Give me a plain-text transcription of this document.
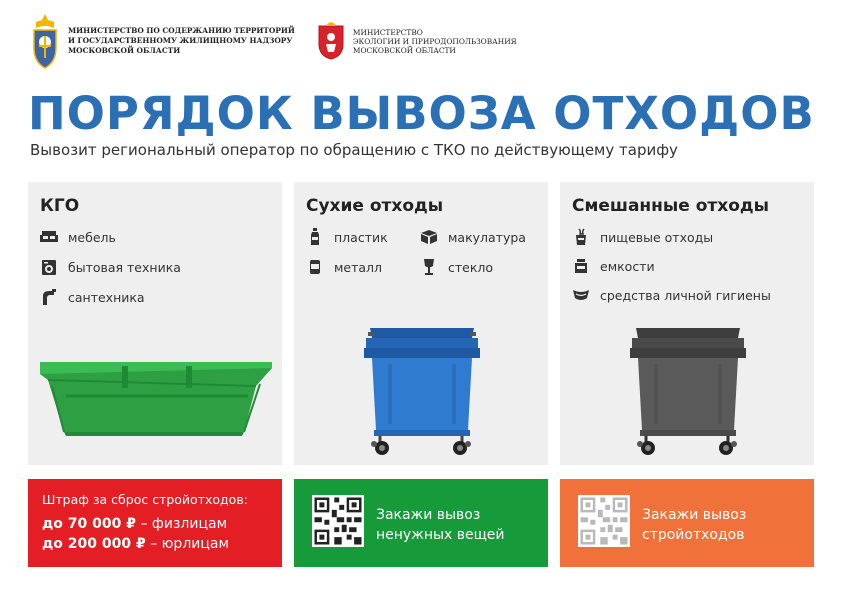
МИНИСТЕРСТВО ПО СОДЕРЖАНИЮ ТЕРРИТОРИЙ
И ГОСУДАРСТВЕННОМУ ЖИЛИЩНОМУ НАДЗОРУ
МОСКОВСКОЙ ОБЛАСТИ
МИНИСТЕРСТВО
ЭКОЛОГИИ И ПРИРОДОПОЛЬЗОВАНИЯ
МОСКОВСКОЙ ОБЛАСТИ
ПОРЯДОК ВЫВОЗА ОТХОДОВ
Вывозит региональный оператор по обращению с ТКО по действующему тарифу
КГО
мебель
бытовая техника
сантехника
Сухие отходы
пластик	макулатура
металл	стекло
Смешанные отходы
пищевые отходы
емкости
средства личной гигиены
Штраф за сброс стройотходов:
до 70 000 ₽ – физлицам
до 200 000 ₽ – юрлицам
Закажи вывоз
ненужных вещей
Закажи вывоз
стройотходов
